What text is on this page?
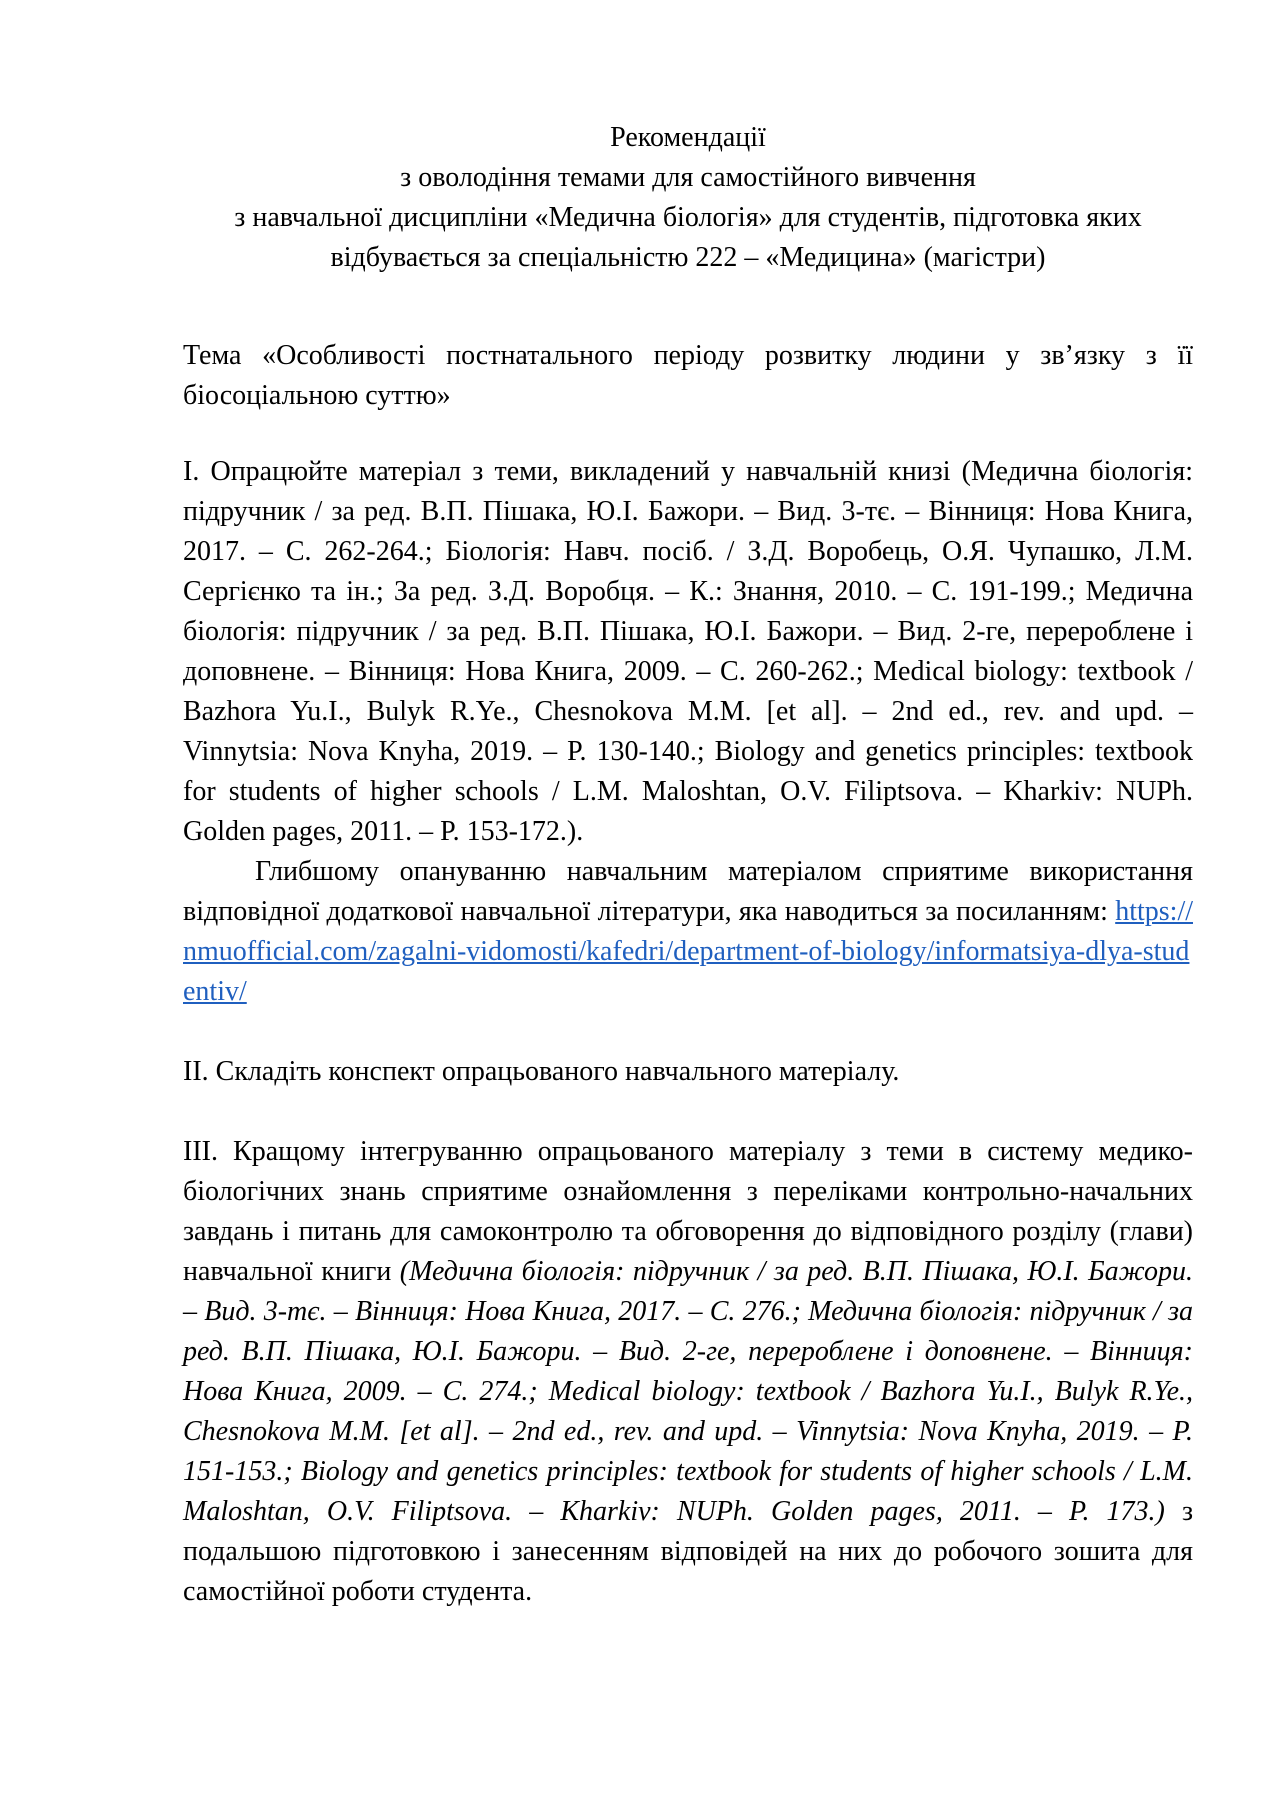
Рекомендації
з оволодіння темами для самостійного вивчення
з навчальної дисципліни «Медична біологія» для студентів, підготовка яких
відбувається за спеціальністю 222 – «Медицина» (магістри)

Тема «Особливості постнатального періоду розвитку людини у зв’язку з її біосоціальною суттю»

І. Опрацюйте матеріал з теми, викладений у навчальній книзі (Медична біологія: підручник / за ред. В.П. Пішака, Ю.І. Бажори. – Вид. 3-тє. – Вінниця: Нова Книга, 2017. – С. 262-264.; Біологія: Навч. посіб. / З.Д. Воробець, О.Я. Чупашко, Л.М. Сергієнко та ін.; За ред. З.Д. Воробця. – К.: Знання, 2010. – С. 191-199.; Медична біологія: підручник / за ред. В.П. Пішака, Ю.І. Бажори. – Вид. 2-ге, перероблене і доповнене. – Вінниця: Нова Книга, 2009. – С. 260-262.; Medical biology: textbook / Bazhora Yu.I., Bulyk R.Ye., Chesnokova M.M. [et al]. – 2nd ed., rev. and upd. – Vinnytsia: Nova Knyha, 2019. – P. 130-140.; Biology and genetics principles: textbook for students of higher schools / L.M. Maloshtan, O.V. Filiptsova. – Kharkiv: NUPh. Golden pages, 2011. – P. 153-172.).

Глибшому опануванню навчальним матеріалом сприятиме використання відповідної додаткової навчальної літератури, яка наводиться за посиланням: https://nmuofficial.com/zagalni-vidomosti/kafedri/department-of-biology/informatsiya-dlya-studentiv/

ІІ. Складіть конспект опрацьованого навчального матеріалу.

ІІІ. Кращому інтегруванню опрацьованого матеріалу з теми в систему медико-біологічних знань сприятиме ознайомлення з переліками контрольно-начальних завдань і питань для самоконтролю та обговорення до відповідного розділу (глави) навчальної книги (Медична біологія: підручник / за ред. В.П. Пішака, Ю.І. Бажори. – Вид. 3-тє. – Вінниця: Нова Книга, 2017. – С. 276.; Медична біологія: підручник / за ред. В.П. Пішака, Ю.І. Бажори. – Вид. 2-ге, перероблене і доповнене. – Вінниця: Нова Книга, 2009. – С. 274.; Medical biology: textbook / Bazhora Yu.I., Bulyk R.Ye., Chesnokova M.M. [et al]. – 2nd ed., rev. and upd. – Vinnytsia: Nova Knyha, 2019. – P. 151-153.; Biology and genetics principles: textbook for students of higher schools / L.M. Maloshtan, O.V. Filiptsova. – Kharkiv: NUPh. Golden pages, 2011. – P. 173.) з подальшою підготовкою і занесенням відповідей на них до робочого зошита для самостійної роботи студента.
